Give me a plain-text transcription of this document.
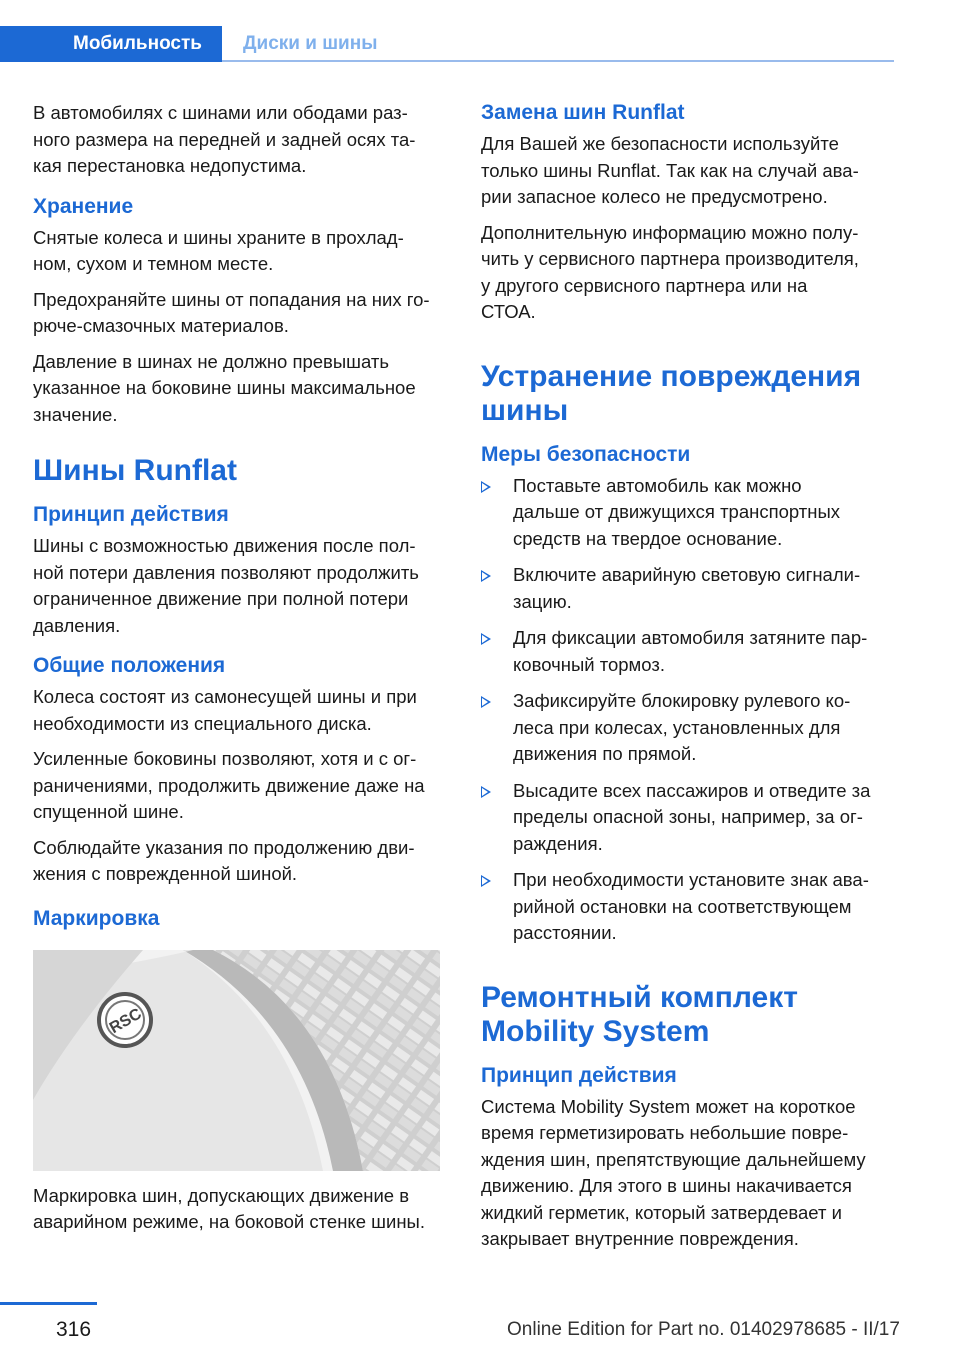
Мобильность Диски и шины

В автомобилях с шинами или ободами раз-
ного размера на передней и задней осях та-
кая перестановка недопустима.

Хранение

Снятые колеса и шины храните в прохлад-
ном, сухом и темном месте.

Предохраняйте шины от попадания на них го-
рюче-смазочных материалов.

Давление в шинах не должно превышать
указанное на боковине шины максимальное
значение.

Шины Runflat
Принцип действия

Шины с возможностью движения после пол-
ной потери давления позволяют продолжить
ограниченное движение при полной потери
давления.

Общие положения

Колеса состоят из самонесущей шины и при
необходимости из специального диска.

Усиленные боковины позволяют, хотя и с ог-
раничениями, продолжить движение даже на
спущенной шине.

Соблюдайте указания по продолжению дви-
жения с поврежденной шиной.

Маркировка
RSC

Маркировка шин, допускающих движение в
аварийном режиме, на боковой стенке шины.

Замена шин Runflat

Для Вашей же безопасности используйте
только шины Runflat. Так как на случай ава-
рии запасное колесо не предусмотрено.

Дополнительную информацию можно полу-
чить у сервисного партнера производителя,
у другого сервисного партнера или на
СТОА.

Устранение повреждения
шины
Меры безопасности
Поставьте автомобиль как можно
дальше от движущихся транспортных
средств на твердое основание.
Включите аварийную световую сигнали-
зацию.
Для фиксации автомобиля затяните пар-
ковочный тормоз.
Зафиксируйте блокировку рулевого ко-
леса при колесах, установленных для
движения по прямой.
Высадите всех пассажиров и отведите за
пределы опасной зоны, например, за ог-
раждения.
При необходимости установите знак ава-
рийной остановки на соответствующем
расстоянии.
Ремонтный комплект
Mobility System
Принцип действия

Система Mobility System может на короткое
время герметизировать небольшие повре-
ждения шин, препятствующие дальнейшему
движению. Для этого в шины накачивается
жидкий герметик, который затвердевает и
закрывает внутренние повреждения.

316	Online Edition for Part no. 01402978685 - II/17
